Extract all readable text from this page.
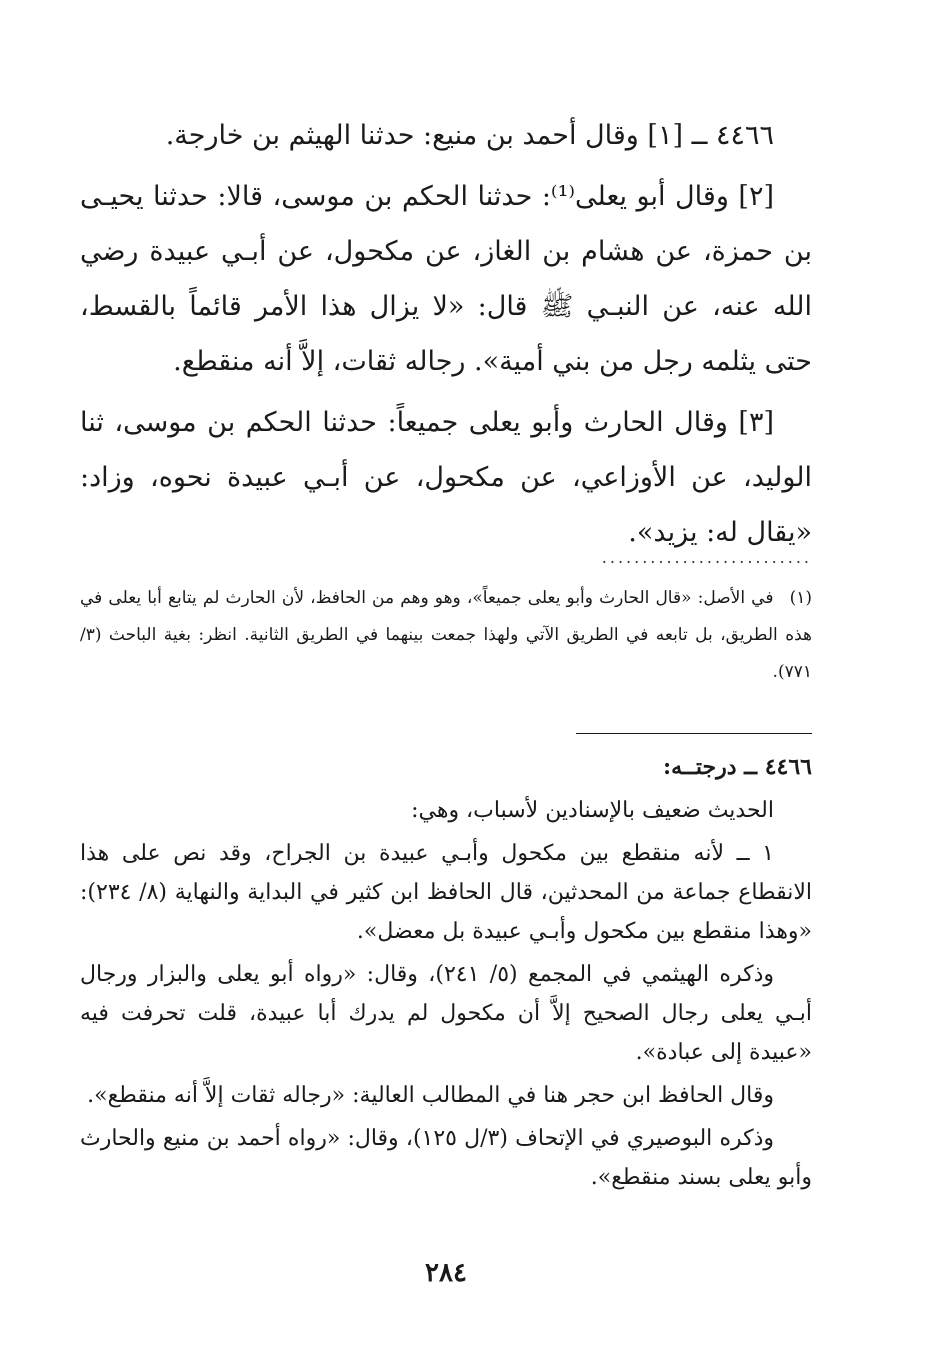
٤٤٦٦ ــ [١] وقال أحمد بن منيع: حدثنا الهيثم بن خارجة.

[٢] وقال أبو يعلى⁽¹⁾: حدثنا الحكم بن موسى، قالا: حدثنا يحيـى بن حمزة، عن هشام بن الغاز، عن مكحول، عن أبـي عبيدة رضي الله عنه، عن النبـي ﷺ قال: «لا يزال هذا الأمر قائماً بالقسط، حتى يثلمه رجل من بني أمية». رجاله ثقات، إلاَّ أنه منقطع.

[٣] وقال الحارث وأبو يعلى جميعاً: حدثنا الحكم بن موسى، ثنا الوليد، عن الأوزاعي، عن مكحول، عن أبـي عبيدة نحوه، وزاد: «يقال له: يزيد».

..........................

(١) في الأصل: «قال الحارث وأبو يعلى جميعاً»، وهو وهم من الحافظ، لأن الحارث لم يتابع أبا يعلى في هذه الطريق، بل تابعه في الطريق الآتي ولهذا جمعت بينهما في الطريق الثانية. انظر: بغية الباحث (٣/ ٧٧١).

٤٤٦٦ ــ درجتــه:

الحديث ضعيف بالإسنادين لأسباب، وهي:

١ ــ لأنه منقطع بين مكحول وأبـي عبيدة بن الجراح، وقد نص على هذا الانقطاع جماعة من المحدثين، قال الحافظ ابن كثير في البداية والنهاية (٨/ ٢٣٤): «وهذا منقطع بين مكحول وأبـي عبيدة بل معضل».

وذكره الهيثمي في المجمع (٥/ ٢٤١)، وقال: «رواه أبو يعلى والبزار ورجال أبـي يعلى رجال الصحيح إلاَّ أن مكحول لم يدرك أبا عبيدة، قلت تحرفت فيه «عبيدة إلى عبادة».

وقال الحافظ ابن حجر هنا في المطالب العالية: «رجاله ثقات إلاَّ أنه منقطع».

وذكره البوصيري في الإتحاف (٣/ل ١٢٥)، وقال: «رواه أحمد بن منيع والحارث وأبو يعلى بسند منقطع».

٢٨٤
